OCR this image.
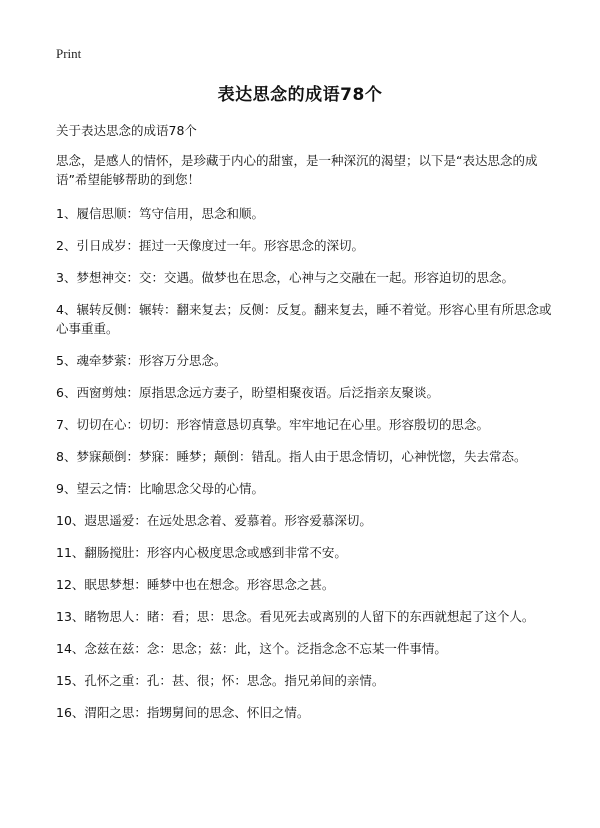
Print
表达思念的成语78个

关于表达思念的成语78个

思念，是感人的情怀，是珍藏于内心的甜蜜，是一种深沉的渴望；以下是“表达思念的成语”希望能够帮助的到您！

1、履信思顺：笃守信用，思念和顺。

2、引日成岁：捱过一天像度过一年。形容思念的深切。

3、梦想神交：交：交遇。做梦也在思念，心神与之交融在一起。形容迫切的思念。

4、辗转反侧：辗转：翻来复去；反侧：反复。翻来复去，睡不着觉。形容心里有所思念或心事重重。

5、魂牵梦萦：形容万分思念。

6、西窗剪烛：原指思念远方妻子，盼望相聚夜语。后泛指亲友聚谈。

7、切切在心：切切：形容情意恳切真挚。牢牢地记在心里。形容殷切的思念。

8、梦寐颠倒：梦寐：睡梦；颠倒：错乱。指人由于思念情切，心神恍惚，失去常态。

9、望云之情：比喻思念父母的心情。

10、遐思遥爱：在远处思念着、爱慕着。形容爱慕深切。

11、翻肠搅肚：形容内心极度思念或感到非常不安。

12、眠思梦想：睡梦中也在想念。形容思念之甚。

13、睹物思人：睹：看；思：思念。看见死去或离别的人留下的东西就想起了这个人。

14、念兹在兹：念：思念；兹：此，这个。泛指念念不忘某一件事情。

15、孔怀之重：孔：甚、很；怀：思念。指兄弟间的亲情。

16、渭阳之思：指甥舅间的思念、怀旧之情。
